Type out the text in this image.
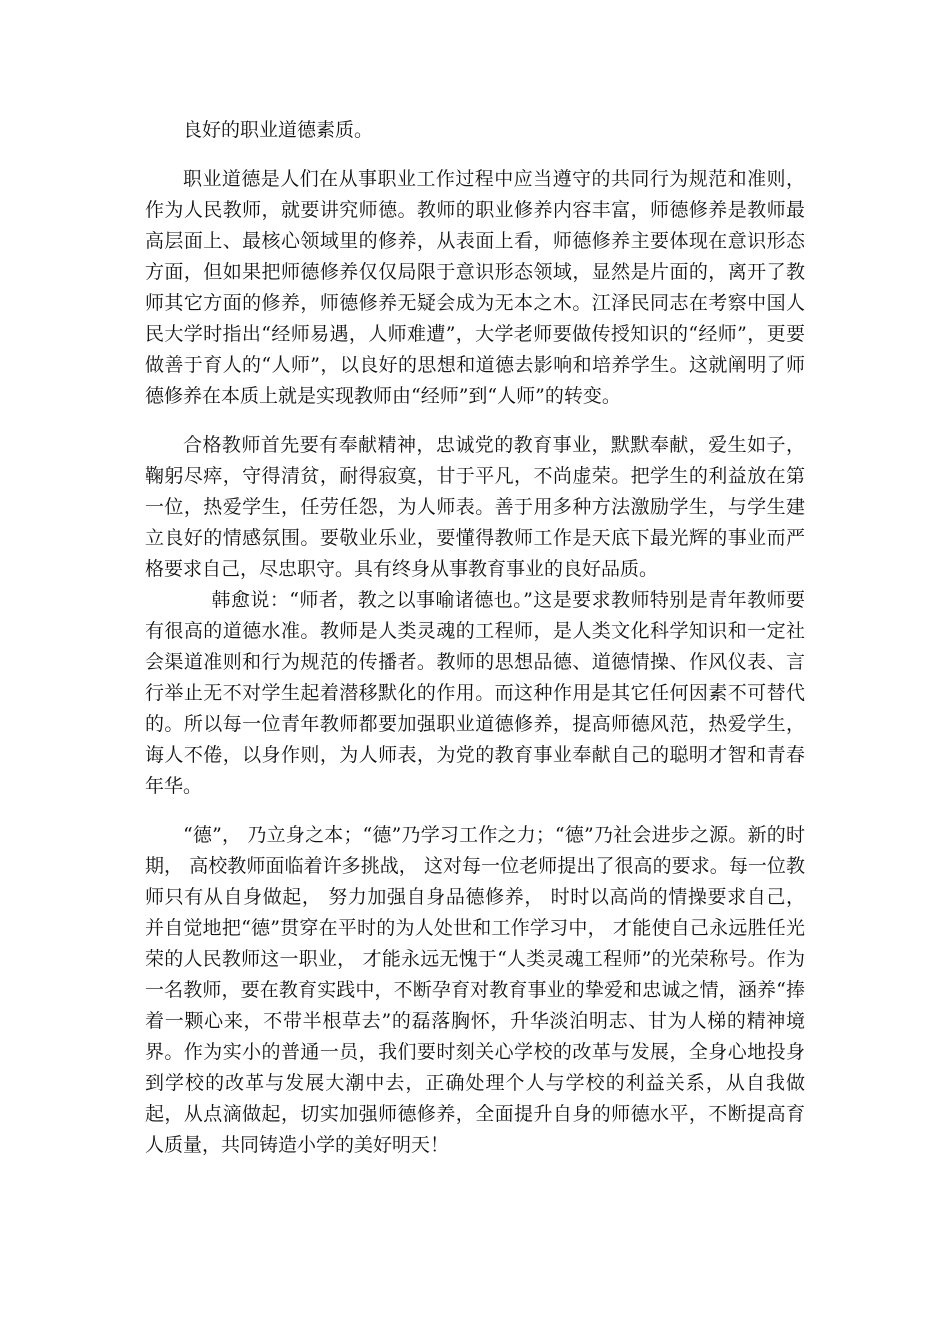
良好的职业道德素质。

职业道德是人们在从事职业工作过程中应当遵守的共同行为规范和准则，作为人民教师，就要讲究师德。教师的职业修养内容丰富，师德修养是教师最高层面上、最核心领域里的修养，从表面上看，师德修养主要体现在意识形态方面，但如果把师德修养仅仅局限于意识形态领域，显然是片面的，离开了教师其它方面的修养，师德修养无疑会成为无本之木。江泽民同志在考察中国人民大学时指出“经师易遇，人师难遭”，大学老师要做传授知识的“经师”，更要做善于育人的“人师”，以良好的思想和道德去影响和培养学生。这就阐明了师德修养在本质上就是实现教师由“经师”到“人师”的转变。

合格教师首先要有奉献精神，忠诚党的教育事业，默默奉献，爱生如子，鞠躬尽瘁，守得清贫，耐得寂寞，甘于平凡，不尚虚荣。把学生的利益放在第一位，热爱学生，任劳任怨，为人师表。善于用多种方法激励学生，与学生建立良好的情感氛围。要敬业乐业，要懂得教师工作是天底下最光辉的事业而严格要求自己，尽忠职守。具有终身从事教育事业的良好品质。

韩愈说：“师者，教之以事喻诸德也。”这是要求教师特别是青年教师要有很高的道德水准。教师是人类灵魂的工程师，是人类文化科学知识和一定社会渠道准则和行为规范的传播者。教师的思想品德、道德情操、作风仪表、言行举止无不对学生起着潜移默化的作用。而这种作用是其它任何因素不可替代的。所以每一位青年教师都要加强职业道德修养，提高师德风范，热爱学生，诲人不倦，以身作则，为人师表，为党的教育事业奉献自己的聪明才智和青春年华。

“德”， 乃立身之本；“德”乃学习工作之力；“德”乃社会进步之源。新的时期， 高校教师面临着许多挑战， 这对每一位老师提出了很高的要求。每一位教师只有从自身做起， 努力加强自身品德修养， 时时以高尚的情操要求自己， 并自觉地把“德”贯穿在平时的为人处世和工作学习中， 才能使自己永远胜任光荣的人民教师这一职业， 才能永远无愧于“人类灵魂工程师”的光荣称号。作为一名教师，要在教育实践中，不断孕育对教育事业的挚爱和忠诚之情，涵养“捧着一颗心来，不带半根草去”的磊落胸怀，升华淡泊明志、甘为人梯的精神境界。作为实小的普通一员，我们要时刻关心学校的改革与发展，全身心地投身到学校的改革与发展大潮中去，正确处理个人与学校的利益关系，从自我做起，从点滴做起，切实加强师德修养，全面提升自身的师德水平，不断提高育人质量，共同铸造小学的美好明天！
